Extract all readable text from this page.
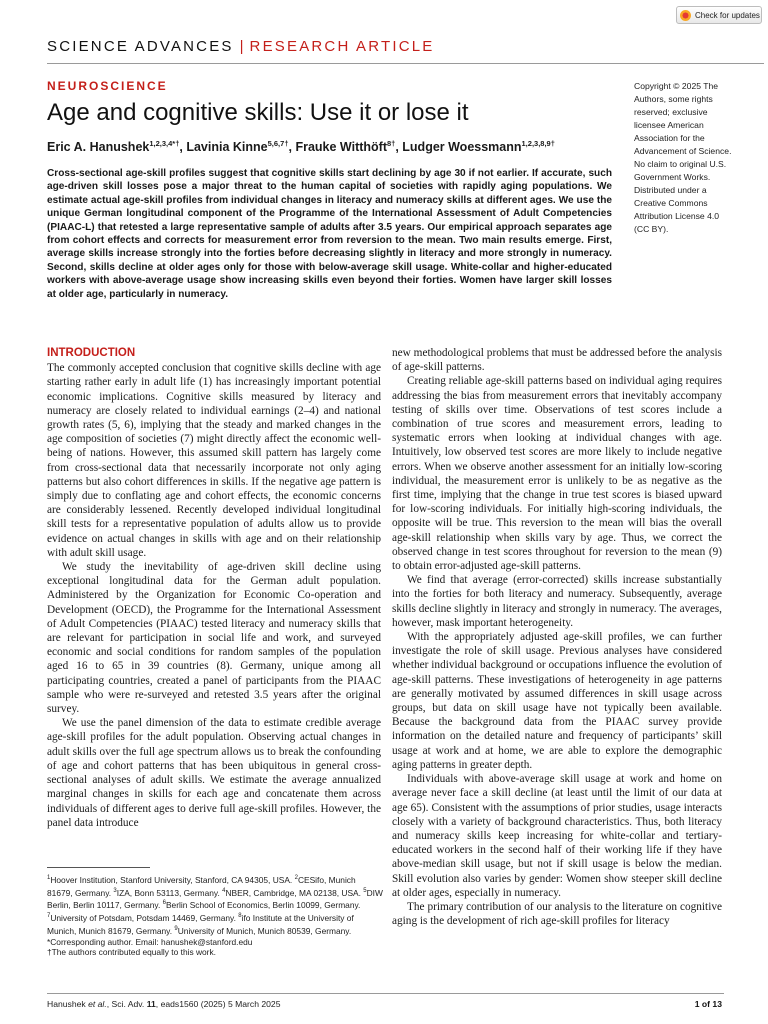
Check for updates
SCIENCE ADVANCES | RESEARCH ARTICLE
NEUROSCIENCE
Age and cognitive skills: Use it or lose it
Eric A. Hanushek$^{1,2,3,4*\dagger}$, Lavinia Kinne$^{5,6,7\dagger}$, Frauke Witthöft$^{8\dagger}$, Ludger Woessmann$^{1,2,3,8,9\dagger}$

Cross-sectional age-skill profiles suggest that cognitive skills start declining by age 30 if not earlier. If accurate, such age-driven skill losses pose a major threat to the human capital of societies with rapidly aging populations. We estimate actual age-skill profiles from individual changes in literacy and numeracy skills at different ages. We use the unique German longitudinal component of the Programme of the International Assessment of Adult Competencies (PIAAC-L) that retested a large representative sample of adults after 3.5 years. Our empirical approach separates age from cohort effects and corrects for measurement error from reversion to the mean. Two main results emerge. First, average skills increase strongly into the forties before decreasing slightly in literacy and more strongly in numeracy. Second, skills decline at older ages only for those with below-average skill usage. White-collar and higher-educated workers with above-average usage show increasing skills even beyond their forties. Women have larger skill losses at older age, particularly in numeracy.

Copyright © 2025 The Authors, some rights reserved; exclusive licensee American Association for the Advancement of Science. No claim to original U.S. Government Works. Distributed under a Creative Commons Attribution License 4.0 (CC BY).

INTRODUCTION

The commonly accepted conclusion that cognitive skills decline with age starting rather early in adult life (1) has increasingly important potential economic implications. Cognitive skills measured by literacy and numeracy are closely related to individual earnings (2–4) and national growth rates (5, 6), implying that the steady and marked changes in the age composition of societies (7) might directly affect the economic well-being of nations. However, this assumed skill pattern has largely come from cross-sectional data that necessarily incorporate not only aging patterns but also cohort differences in skills. If the negative age pattern is simply due to conflating age and cohort effects, the economic concerns are considerably lessened. Recently developed individual longitudinal skill tests for a representative population of adults allow us to provide evidence on actual changes in skills with age and on their relationship with adult skill usage.

We study the inevitability of age-driven skill decline using exceptional longitudinal data for the German adult population. Administered by the Organization for Economic Co-operation and Development (OECD), the Programme for the International Assessment of Adult Competencies (PIAAC) tested literacy and numeracy skills that are relevant for participation in social life and work, and surveyed economic and social conditions for random samples of the population aged 16 to 65 in 39 countries (8). Germany, unique among all participating countries, created a panel of participants from the PIAAC sample who were re-surveyed and retested 3.5 years after the original survey.

We use the panel dimension of the data to estimate credible average age-skill profiles for the adult population. Observing actual changes in adult skills over the full age spectrum allows us to break the confounding of age and cohort patterns that has been ubiquitous in general cross-sectional analyses of adult skills. We estimate the average annualized marginal changes in skills for each age and concatenate them across individuals of different ages to derive full age-skill profiles. However, the panel data introduce

new methodological problems that must be addressed before the analysis of age-skill patterns.

Creating reliable age-skill patterns based on individual aging requires addressing the bias from measurement errors that inevitably accompany testing of skills over time. Observations of test scores include a combination of true scores and measurement errors, leading to systematic errors when looking at individual changes with age. Intuitively, low observed test scores are more likely to include negative errors. When we observe another assessment for an initially low-scoring individual, the measurement error is unlikely to be as negative as the first time, implying that the change in true test scores is biased upward for low-scoring individuals. For initially high-scoring individuals, the opposite will be true. This reversion to the mean will bias the overall age-skill relationship when skills vary by age. Thus, we correct the observed change in test scores throughout for reversion to the mean (9) to obtain error-adjusted age-skill patterns.

We find that average (error-corrected) skills increase substantially into the forties for both literacy and numeracy. Subsequently, average skills decline slightly in literacy and strongly in numeracy. The averages, however, mask important heterogeneity.

With the appropriately adjusted age-skill profiles, we can further investigate the role of skill usage. Previous analyses have considered whether individual background or occupations influence the evolution of age-skill patterns. These investigations of heterogeneity in age patterns are generally motivated by assumed differences in skill usage across groups, but data on skill usage have not typically been available. Because the background data from the PIAAC survey provide information on the detailed nature and frequency of participants’ skill usage at work and at home, we are able to explore the demographic aging patterns in greater depth.

Individuals with above-average skill usage at work and home on average never face a skill decline (at least until the limit of our data at age 65). Consistent with the assumptions of prior studies, usage interacts closely with a variety of background characteristics. Thus, both literacy and numeracy skills keep increasing for white-collar and tertiary-educated workers in the second half of their working life if they have above-median skill usage, but not if skill usage is below the median. Skill evolution also varies by gender: Women show steeper skill decline at older ages, especially in numeracy.

The primary contribution of our analysis to the literature on cognitive aging is the development of rich age-skill profiles for literacy

$^1$Hoover Institution, Stanford University, Stanford, CA 94305, USA. $^2$CESifo, Munich 81679, Germany. $^3$IZA, Bonn 53113, Germany. $^4$NBER, Cambridge, MA 02138, USA. $^5$DIW Berlin, Berlin 10117, Germany. $^6$Berlin School of Economics, Berlin 10099, Germany. $^7$University of Potsdam, Potsdam 14469, Germany. $^8$ifo Institute at the University of Munich, Munich 81679, Germany. $^9$University of Munich, Munich 80539, Germany.
*Corresponding author. Email: hanushek@stanford.edu
†The authors contributed equally to this work.
Hanushek et al., Sci. Adv. 11, eads1560 (2025) 5 March 2025	1 of 13
